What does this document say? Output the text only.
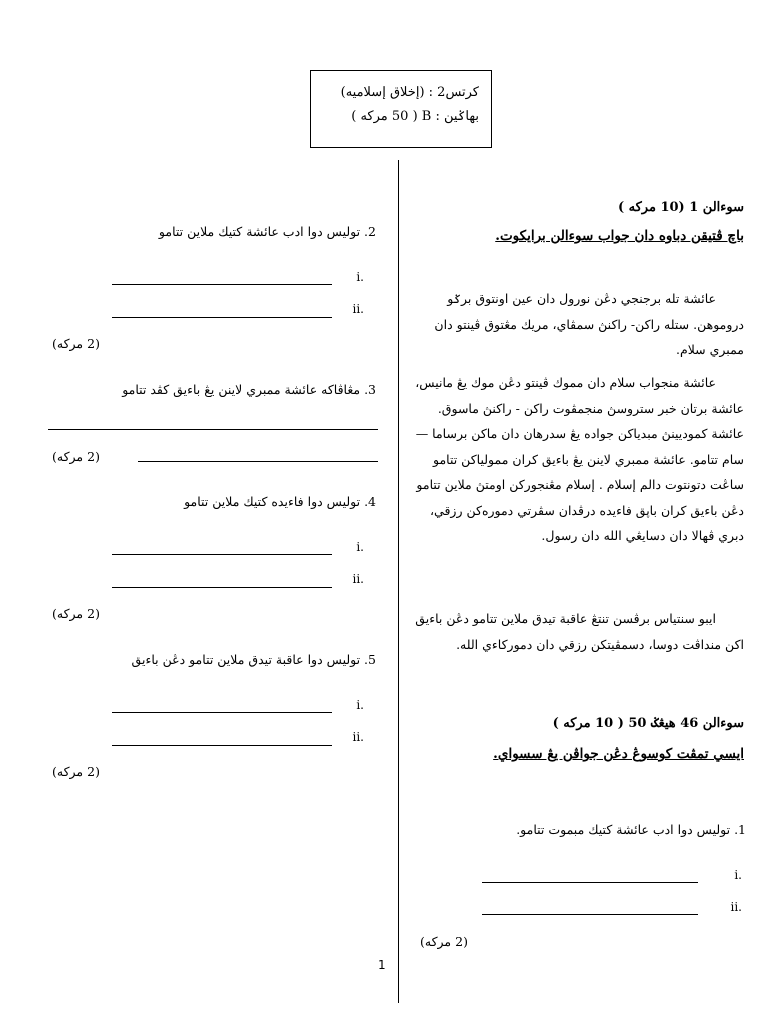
كرتس2 : (إخلاق إسلاميه)
بهاݢين : B ( 50 مركه )
سوءالن 1 (10 مركه )
باچ ڤتيقن دباوه دان جواب سوءالن برايكوت.
عائشة تله برجنجي دڠن نورول دان عين اونتوق برݢو دروموهن. ستله راكن- راكنڽ سمڤاي، مريك مڠتوق ڤينتو دان ممبري سلام.
عائشة منجواب سلام دان مموك ڤينتو دڠن موك يڠ مانيس، عائشة برتان خبر ستروسڽ منجمڤوت راكن - راكنڽ ماسوق. عائشة كموديينڽ مبدياكن جواده يڠ سدرهان دان ماكن برساما — سام تتامو. عائشة ممبري لاينن يڠ باءيق كران ممولياكن تتامو ساڠت دتونتوت دالم إسلام . إسلام مڠنجوركن اومتڽ ملاين تتامو دڠن باءيق كران باڽق فاءيده درڤدان سڤرتي دموره‌كن رزقي، دبري ڤهالا دان دسايڠي الله دان رسول.
ايبو سنتياس برڤسن تنتڠ عاقبة تيدق ملاين تتامو دڠن باءيق اكن منداڤت دوسا، دسمڤيتكن رزقي دان دموركاءي الله.
سوءالن 46 هيڠݢ 50 ( 10 مركه )
ايسي تمڤت كوسوڠ دڠن جواڤن يڠ سسواي.
1. توليس دوا ادب عائشة كتيك مبموت تتامو.
.i
.ii
(2 مركه)
2. توليس دوا ادب عائشة كتيك ملاين تتامو
.i
.ii
(2 مركه)
3. مڠاڤاكه عائشة ممبري لاينن يڠ باءيق كڤد تتامو
(2 مركه)
4. توليس دوا فاءيده كتيك ملاين تتامو
.i
.ii
(2 مركه)
5. توليس دوا عاقبة تيدق ملاين تتامو دڠن باءيق
.i
.ii
(2 مركه)
1
